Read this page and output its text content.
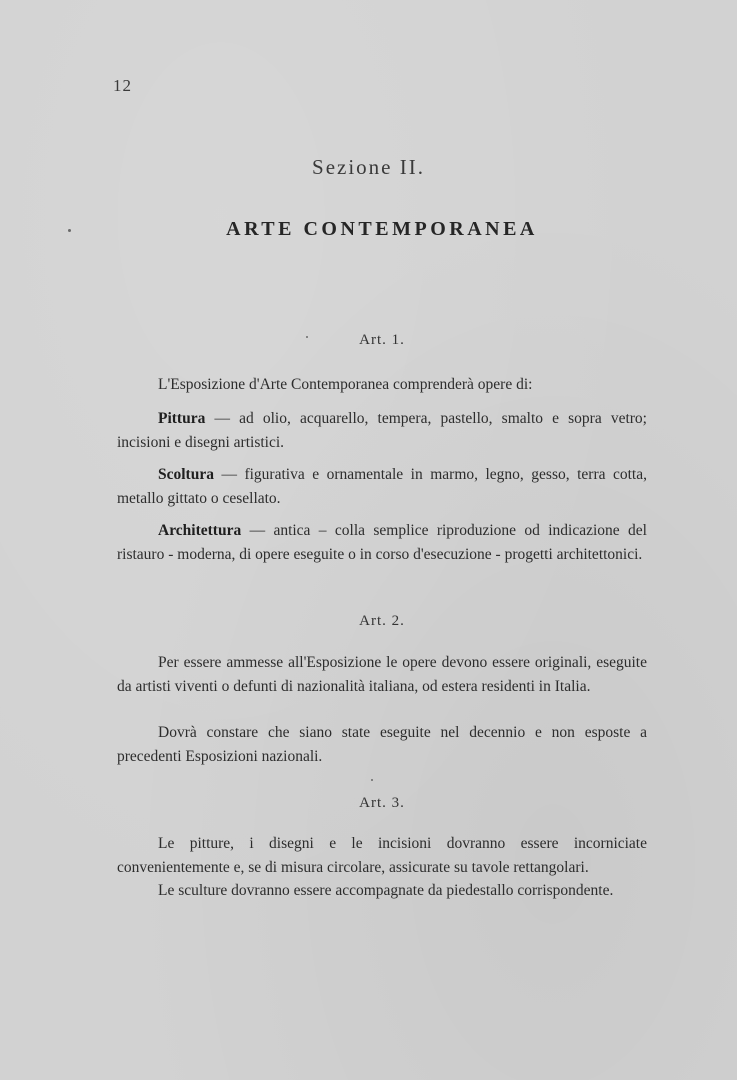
12
Sezione II.
ARTE CONTEMPORANEA
Art. 1.

L'Esposizione d'Arte Contemporanea comprenderà opere di:

Pittura — ad olio, acquarello, tempera, pastello, smalto e sopra vetro; incisioni e disegni artistici.

Scoltura — figurativa e ornamentale in marmo, legno, gesso, terra cotta, metallo gittato o cesellato.

Architettura — antica – colla semplice riproduzione od indicazione del ristauro - moderna, di opere eseguite o in corso d'esecuzione - progetti architettonici.

Art. 2.

Per essere ammesse all'Esposizione le opere devono essere originali, eseguite da artisti viventi o defunti di nazionalità italiana, od estera residenti in Italia.

Dovrà constare che siano state eseguite nel decennio e non esposte a precedenti Esposizioni nazionali.

Art. 3.

Le pitture, i disegni e le incisioni dovranno essere incorniciate convenientemente e, se di misura circolare, assicurate su tavole rettangolari.

Le sculture dovranno essere accompagnate da piedestallo corrispondente.
